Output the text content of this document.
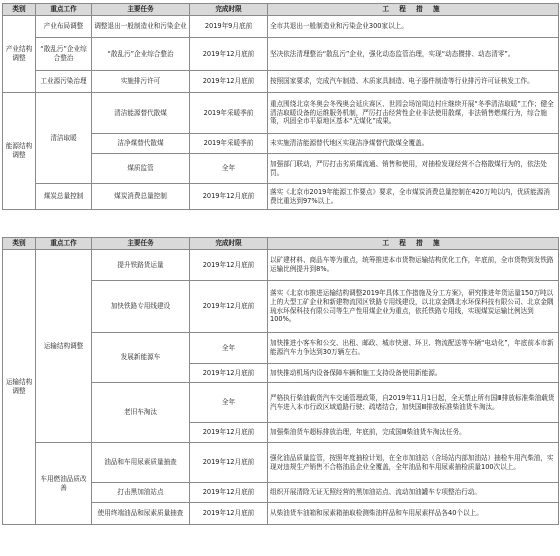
类别	重点工作	主要任务	完成时限	工 程 措 施
产业结构调整	产业布局调整	调整退出一般制造业和污染企业	2019年9月底前	全市共退出一般制造业和污染企业300家以上。
	“散乱污”企业综合整治	“散乱污”企业综合整治	2019年12月底前	坚决依法清理整治“散乱污”企业，强化动态监管治理，实现“动态攒排、动态清零”。
	工业源污染治理	实施排污许可	2019年12月底前	按照国家要求，完成汽车制造、木质家具制造、电子器件制造等行业排污许可证核发工作。
能源结构调整	清洁取暖	清洁能源替代散煤	2019年采暖季前	重点围绕北京冬奥会冬残奥会延庆赛区、世园会场馆周边村庄继续开展“冬季清洁取暖”工作；健全清洁取暖设备的运维服务机制，严厉打击经营性企业非法使用散煤，非法销售燃煤行为，综合施策，巩固全市平原地区基本“无煤化”成果。
		洁净煤替代散煤	2019年采暖季前	未实施清洁能源替代地区实现洁净煤替代散煤全覆盖。
		煤质监管	全年	加强部门联动，严厉打击劣质煤流通、销售和使用，对抽检发现经营不合格散煤行为的，依法处罚。
	煤炭总量控制	煤炭消费总量控制	2019年12月底前	落实《北京市2019年能源工作要点》要求，全市煤炭消费总量控制在420万吨以内，优质能源消费比重达到97%以上。
类别	重点工作	主要任务	完成时限	工 程 措 施
运输结构调整	运输结构调整	提升铁路货运量	2019年12月底前	以矿建材料、商品车等为重点，统筹推进本市货物运输结构优化工作，年底前，全市货物到发铁路运输比例提升到8%。
		加快铁路专用线建设	2019年12月底前	落实《北京市推进运输结构调整2019年具体工作措施及分工方案》，研究推进年货运量150万吨以上的大型工矿企业和新建物流园区铁路专用线建设，以北京金隅北水环保科技有限公司、北京金隅琉水环保科技有限公司等生产性用煤企业为重点，依托铁路专用线，实现煤炭运输比例达到100%。
		发展新能源车	全年	加快推进小客车和公交、出租、邮政、城市快递、环卫、物流配送等车辆“电动化”，年底前本市新能源汽车力争达到30万辆左右。
			2019年12月底前	加快推动机场内设备保障车辆和施工支持设备使用新能源。
		老旧车淘汰	全年	严格执行柴油载货汽车交通管理政策，自2019年11月1日起，全天禁止所有国Ⅲ排放标准柴油载货汽车进入本市行政区域道路行驶；疏堵结合，加快国Ⅲ排放标准柴油货车淘汰。
			2019年12月底前	加强柴油货车超标排放治理，年底前，完成国Ⅲ柴油货车淘汰任务。
	车用燃油品质改善	油品和车用尿素质量抽查	2019年12月底前	强化油品质量监管，按照年度抽检计划，在全市加油站（含场站内部加油站）抽检车用汽柴油，实现对违规生产销售不合格油品企业全覆盖，全年油品和车用尿素抽检质量100次以上。
		打击黑加油站点	2019年12月底前	组织开展清除无证无照经营的黑加油站点、流动加油罐车专项整治行动。
		使用终端油品和尿素质量抽查	2019年12月底前	从柴油货车油箱和尿素箱抽取检测柴油样品和车用尿素样品各40个以上。
